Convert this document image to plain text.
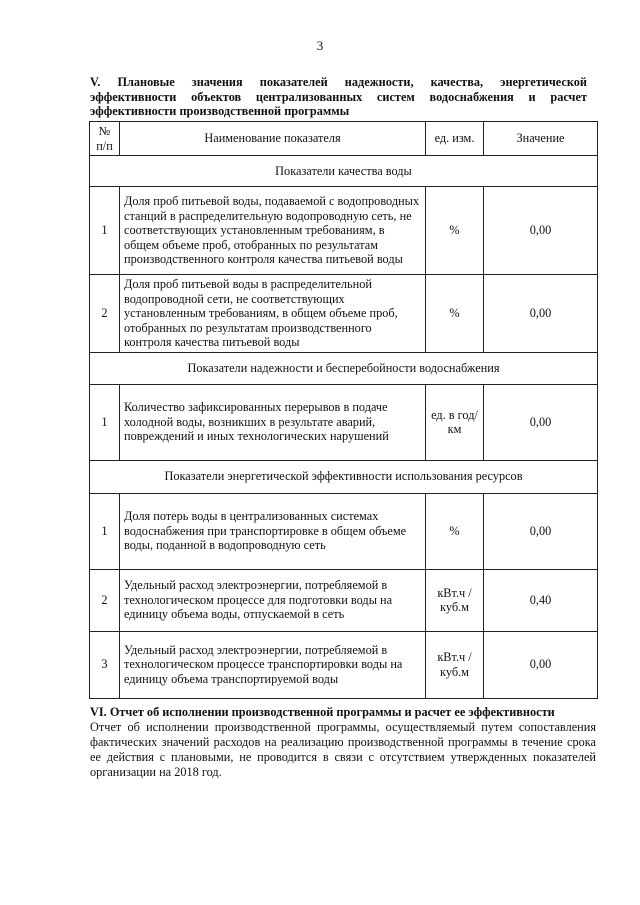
3
V. Плановые значения показателей надежности, качества, энергетической эффективности объектов централизованных систем водоснабжения и расчет эффективности производственной программы
№ п/п	Наименование показателя	ед. изм.	Значение
Показатели качества воды			
1	Доля проб питьевой воды, подаваемой с водопроводных станций в распределительную водопроводную сеть, не соответствующих установленным требованиям, в общем объеме проб, отобранных по результатам производственного контроля качества питьевой воды	%	0,00
2	Доля проб питьевой воды в распределительной водопроводной сети, не соответствующих установленным требованиям, в общем объеме проб, отобранных по результатам производственного контроля качества питьевой воды	%	0,00
Показатели надежности и бесперебойности водоснабжения			
1	Количество зафиксированных перерывов в подаче холодной воды, возникших в результате аварий, повреждений и иных технологических нарушений	ед. в год/ км	0,00
Показатели энергетической эффективности использования ресурсов			
1	Доля потерь воды в централизованных системах водоснабжения при транспортировке в общем объеме воды, поданной в водопроводную сеть	%	0,00
2	Удельный расход электроэнергии, потребляемой в технологическом процессе для подготовки воды на единицу объема воды, отпускаемой в сеть	кВт.ч / куб.м	0,40
3	Удельный расход электроэнергии, потребляемой в технологическом процессе транспортировки воды на единицу объема транспортируемой воды	кВт.ч / куб.м	0,00
VI. Отчет об исполнении производственной программы и расчет ее эффективности
Отчет об исполнении производственной программы, осуществляемый путем сопоставления фактических значений расходов на реализацию производственной программы в течение срока ее действия с плановыми, не проводится в связи с отсутствием утвержденных показателей организации на 2018 год.
